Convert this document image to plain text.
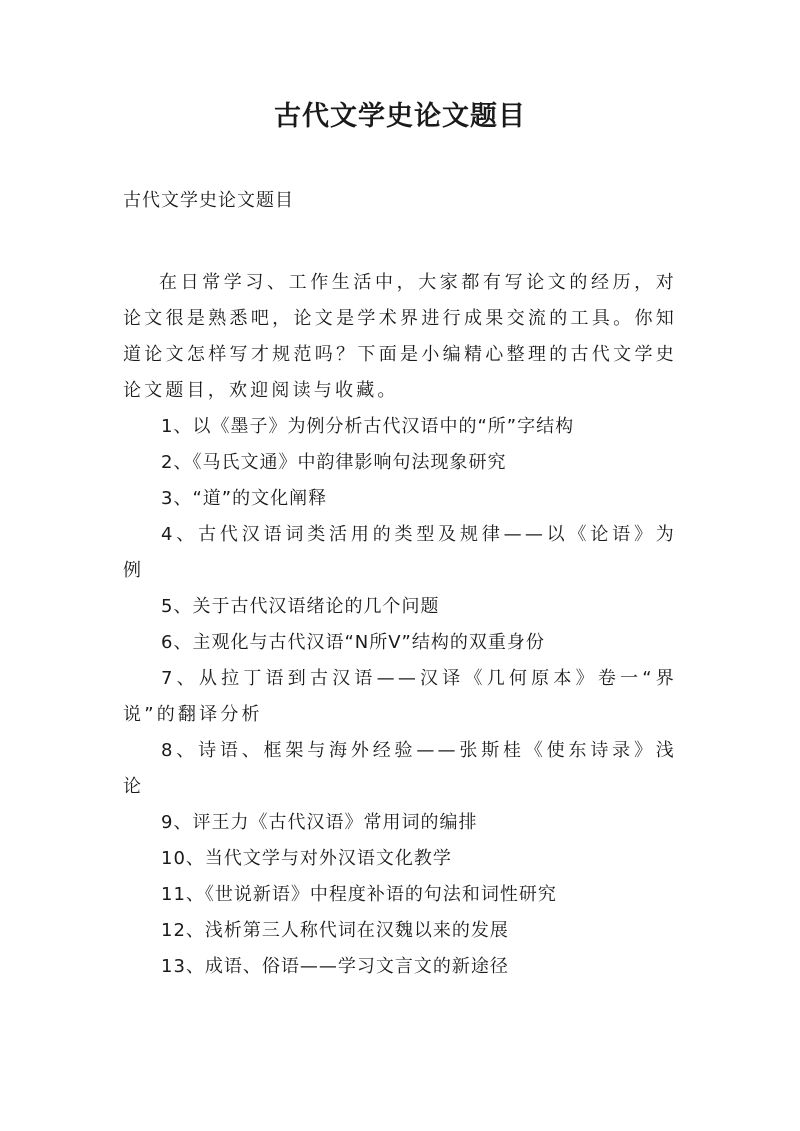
古代文学史论文题目

古代文学史论文题目

在日常学习、工作生活中，大家都有写论文的经历，对论文很是熟悉吧，论文是学术界进行成果交流的工具。你知道论文怎样写才规范吗？下面是小编精心整理的古代文学史论文题目，欢迎阅读与收藏。

1、以《墨子》为例分析古代汉语中的“所”字结构
2、《马氏文通》中韵律影响句法现象研究
3、“道”的文化阐释
4、古代汉语词类活用的类型及规律——以《论语》为例
5、关于古代汉语绪论的几个问题
6、主观化与古代汉语“N所V”结构的双重身份
7、从拉丁语到古汉语——汉译《几何原本》卷一“界说”的翻译分析
8、诗语、框架与海外经验——张斯桂《使东诗录》浅论
9、评王力《古代汉语》常用词的编排
10、当代文学与对外汉语文化教学
11、《世说新语》中程度补语的句法和词性研究
12、浅析第三人称代词在汉魏以来的发展
13、成语、俗语——学习文言文的新途径
